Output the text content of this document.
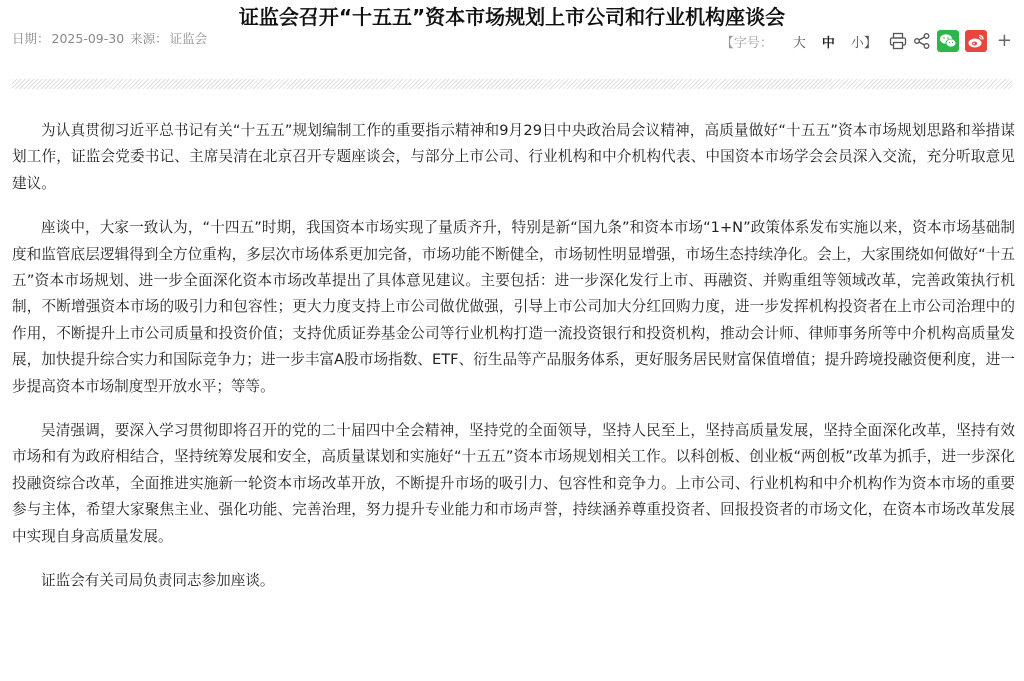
证监会召开“十五五”资本市场规划上市公司和行业机构座谈会
日期： 2025-09-30 来源： 证监会	【字号： 大 中 小】	+

为认真贯彻习近平总书记有关“十五五”规划编制工作的重要指示精神和9月29日中央政治局会议精神，高质量做好“十五五”资本市场规划思路和举措谋划工作，证监会党委书记、主席吴清在北京召开专题座谈会，与部分上市公司、行业机构和中介机构代表、中国资本市场学会会员深入交流，充分听取意见建议。

座谈中，大家一致认为，“十四五”时期，我国资本市场实现了量质齐升，特别是新“国九条”和资本市场“1+N”政策体系发布实施以来，资本市场基础制度和监管底层逻辑得到全方位重构，多层次市场体系更加完备，市场功能不断健全，市场韧性明显增强，市场生态持续净化。会上，大家围绕如何做好“十五五”资本市场规划、进一步全面深化资本市场改革提出了具体意见建议。主要包括：进一步深化发行上市、再融资、并购重组等领域改革，完善政策执行机制，不断增强资本市场的吸引力和包容性；更大力度支持上市公司做优做强，引导上市公司加大分红回购力度，进一步发挥机构投资者在上市公司治理中的作用，不断提升上市公司质量和投资价值；支持优质证券基金公司等行业机构打造一流投资银行和投资机构，推动会计师、律师事务所等中介机构高质量发展，加快提升综合实力和国际竞争力；进一步丰富A股市场指数、ETF、衍生品等产品服务体系，更好服务居民财富保值增值；提升跨境投融资便利度，进一步提高资本市场制度型开放水平；等等。

吴清强调，要深入学习贯彻即将召开的党的二十届四中全会精神，坚持党的全面领导，坚持人民至上，坚持高质量发展，坚持全面深化改革，坚持有效市场和有为政府相结合，坚持统筹发展和安全，高质量谋划和实施好“十五五”资本市场规划相关工作。以科创板、创业板“两创板”改革为抓手，进一步深化投融资综合改革，全面推进实施新一轮资本市场改革开放，不断提升市场的吸引力、包容性和竞争力。上市公司、行业机构和中介机构作为资本市场的重要参与主体，希望大家聚焦主业、强化功能、完善治理，努力提升专业能力和市场声誉，持续涵养尊重投资者、回报投资者的市场文化，在资本市场改革发展中实现自身高质量发展。

证监会有关司局负责同志参加座谈。
